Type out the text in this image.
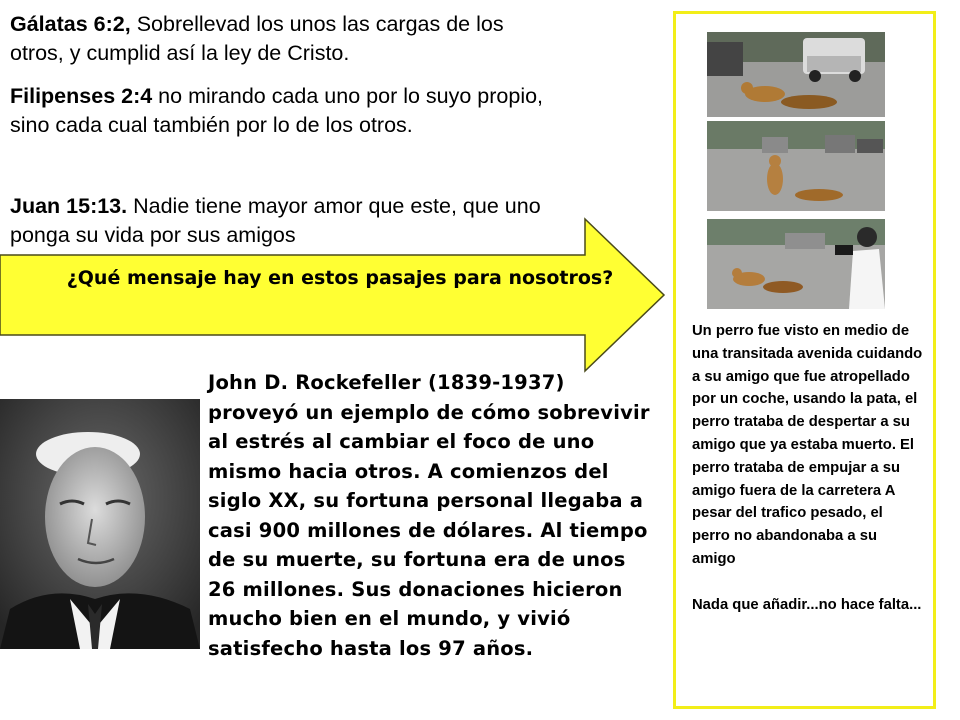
Gálatas 6:2, Sobrellevad los unos las cargas de los otros, y cumplid así la ley de Cristo.
Filipenses 2:4 no mirando cada uno por lo suyo propio, sino cada cual también por lo de los otros.
Juan 15:13. Nadie tiene mayor amor que este, que uno ponga su vida por sus amigos
¿Qué mensaje hay en estos pasajes para nosotros?
John D. Rockefeller (1839-1937) proveyó un ejemplo de cómo sobrevivir al estrés al cambiar el foco de uno mismo hacia otros. A comienzos del siglo XX, su fortuna personal llegaba a casi 900 millones de dólares. Al tiempo de su muerte, su fortuna era de unos 26 millones. Sus donaciones hicieron mucho bien en el mundo, y vivió satisfecho hasta los 97 años.

Un perro fue visto en medio de una transitada avenida cuidando a su amigo que fue atropellado por un coche, usando la pata, el perro trataba de despertar a su amigo que ya estaba muerto. El perro trataba de empujar a su amigo fuera de la carretera A pesar del trafico pesado, el perro no abandonaba a su amigo

Nada que añadir...no hace falta...
